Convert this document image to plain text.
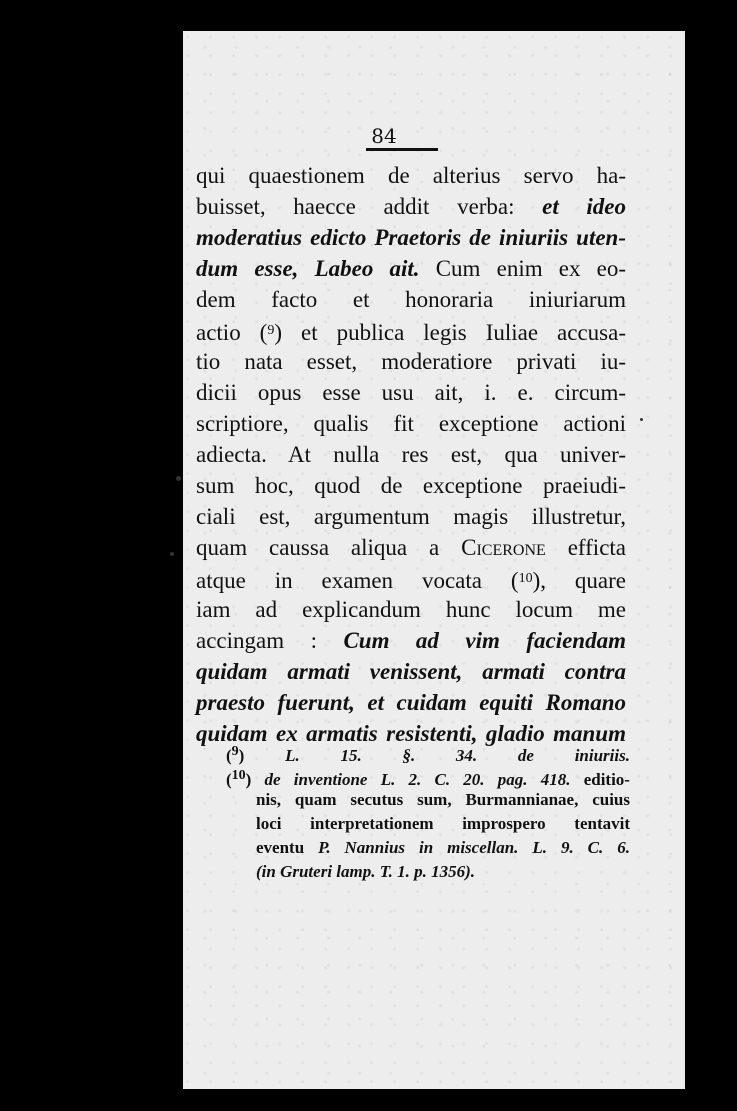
84
qui quaestionem de alterius servo ha-
buisset, haecce addit verba: et ideo
moderatius edicto Praetoris de iniuriis uten-
dum esse, Labeo ait. Cum enim ex eo-
dem facto et honoraria iniuriarum
actio ($^9$) et publica legis Iuliae accusa-
tio nata esset, moderatiore privati iu-
dicii opus esse usu ait, i. e. circum-
scriptiore, qualis fit exceptione actioni
adiecta. At nulla res est, qua univer-
sum hoc, quod de exceptione praeiudi-
ciali est, argumentum magis illustretur,
quam caussa aliqua a Cicerone efficta
atque in examen vocata ($^{10}$), quare
iam ad explicandum hunc locum me
accingam : Cum ad vim faciendam
quidam armati venissent, armati contra
praesto fuerunt, et cuidam equiti Romano
quidam ex armatis resistenti, gladio manum
($^9$) L. 15. §. 34. de iniuriis.
($^{10}$) de inventione L. 2. C. 20. pag. 418. editio-
nis, quam secutus sum, Burmannianae, cuius
loci interpretationem improspero tentavit
eventu P. Nannius in miscellan. L. 9. C. 6.
(in Gruteri lamp. T. 1. p. 1356).
